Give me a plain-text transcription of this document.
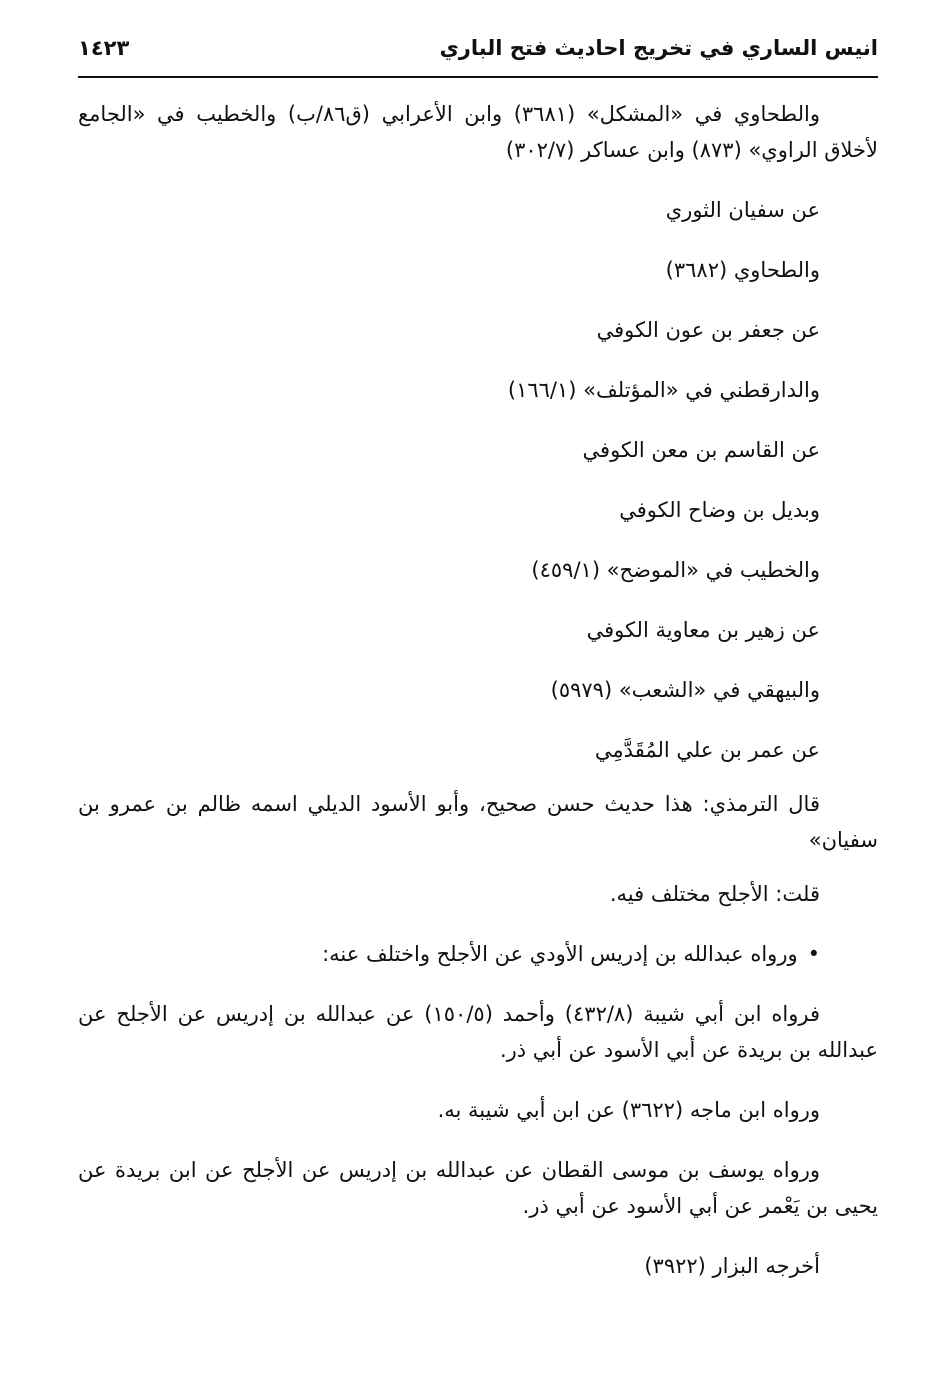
انيس الساري في تخريج احاديث فتح الباري
١٤٢٣

والطحاوي في «المشكل» (٣٦٨١) وابن الأعرابي (ق٨٦/ب) والخطيب في «الجامع لأخلاق الراوي» (٨٧٣) وابن عساكر (٣٠٢/٧)

عن سفيان الثوري

والطحاوي (٣٦٨٢)

عن جعفر بن عون الكوفي

والدارقطني في «المؤتلف» (١٦٦/١)

عن القاسم بن معن الكوفي

وبديل بن وضاح الكوفي

والخطيب في «الموضح» (٤٥٩/١)

عن زهير بن معاوية الكوفي

والبيهقي في «الشعب» (٥٩٧٩)

عن عمر بن علي المُقَدَّمِي

قال الترمذي: هذا حديث حسن صحيح، وأبو الأسود الديلي اسمه ظالم بن عمرو بن سفيان»

قلت: الأجلح مختلف فيه.

•ورواه عبدالله بن إدريس الأودي عن الأجلح واختلف عنه:

فرواه ابن أبي شيبة (٤٣٢/٨) وأحمد (١٥٠/٥) عن عبدالله بن إدريس عن الأجلح عن عبدالله بن بريدة عن أبي الأسود عن أبي ذر.

ورواه ابن ماجه (٣٦٢٢) عن ابن أبي شيبة به.

ورواه يوسف بن موسى القطان عن عبدالله بن إدريس عن الأجلح عن ابن بريدة عن يحيى بن يَعْمر عن أبي الأسود عن أبي ذر.

أخرجه البزار (٣٩٢٢)
